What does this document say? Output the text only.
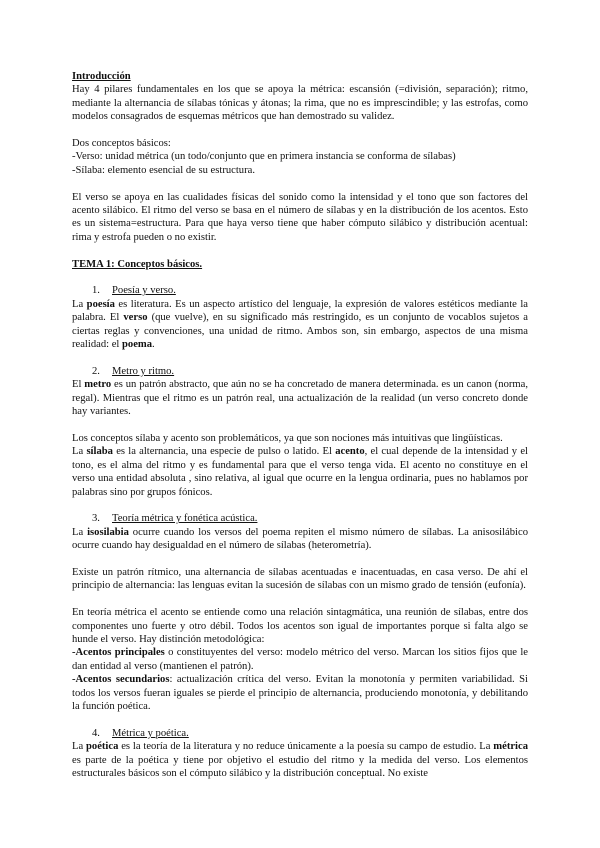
Introducción

Hay 4 pilares fundamentales en los que se apoya la métrica: escansión (=división, separación); ritmo, mediante la alternancia de sílabas tónicas y átonas; la rima, que no es imprescindible; y las estrofas, como modelos consagrados de esquemas métricos que han demostrado su validez.

Dos conceptos básicos:

-Verso: unidad métrica (un todo/conjunto que en primera instancia se conforma de sílabas)

-Sílaba: elemento esencial de su estructura.

El verso se apoya en las cualidades físicas del sonido como la intensidad y el tono que son factores del acento silábico. El ritmo del verso se basa en el número de sílabas y en la distribución de los acentos. Esto es un sistema=estructura. Para que haya verso tiene que haber cómputo silábico y distribución acentual: rima y estrofa pueden o no existir.

TEMA 1: Conceptos básicos.

1. Poesía y verso.

La poesía es literatura. Es un aspecto artístico del lenguaje, la expresión de valores estéticos mediante la palabra. El verso (que vuelve), en su significado más restringido, es un conjunto de vocablos sujetos a ciertas reglas y convenciones, una unidad de ritmo. Ambos son, sin embargo, aspectos de una misma realidad: el poema.

2. Metro y ritmo.

El metro es un patrón abstracto, que aún no se ha concretado de manera determinada. es un canon (norma, regal). Mientras que el ritmo es un patrón real, una actualización de la realidad (un verso concreto donde hay variantes.

Los conceptos sílaba y acento son problemáticos, ya que son nociones más intuitivas que lingüísticas.

La sílaba es la alternancia, una especie de pulso o latido. El acento, el cual depende de la intensidad y el tono, es el alma del ritmo y es fundamental para que el verso tenga vida. El acento no constituye en el verso una entidad absoluta , sino relativa, al igual que ocurre en la lengua ordinaria, pues no hablamos por palabras sino por grupos fónicos.

3. Teoría métrica y fonética acústica.

La isosilabia ocurre cuando los versos del poema repiten el mismo número de sílabas. La anisosilábico ocurre cuando hay desigualdad en el número de sílabas (heterometría).

Existe un patrón rítmico, una alternancia de sílabas acentuadas e inacentuadas, en casa verso. De ahí el principio de alternancia: las lenguas evitan la sucesión de sílabas con un mismo grado de tensión (eufonía).

En teoría métrica el acento se entiende como una relación sintagmática, una reunión de sílabas, entre dos componentes uno fuerte y otro débil. Todos los acentos son igual de importantes porque si falta algo se hunde el verso. Hay distinción metodológica:

-Acentos principales o constituyentes del verso: modelo métrico del verso. Marcan los sitios fijos que le dan entidad al verso (mantienen el patrón).

-Acentos secundarios: actualización crítica del verso. Evitan la monotonía y permiten variabilidad. Si todos los versos fueran iguales se pierde el principio de alternancia, produciendo monotonía, y debilitando la función poética.

4. Métrica y poética.

La poética es la teoría de la literatura y no reduce únicamente a la poesía su campo de estudio. La métrica es parte de la poética y tiene por objetivo el estudio del ritmo y la medida del verso. Los elementos estructurales básicos son el cómputo silábico y la distribución conceptual. No existe
